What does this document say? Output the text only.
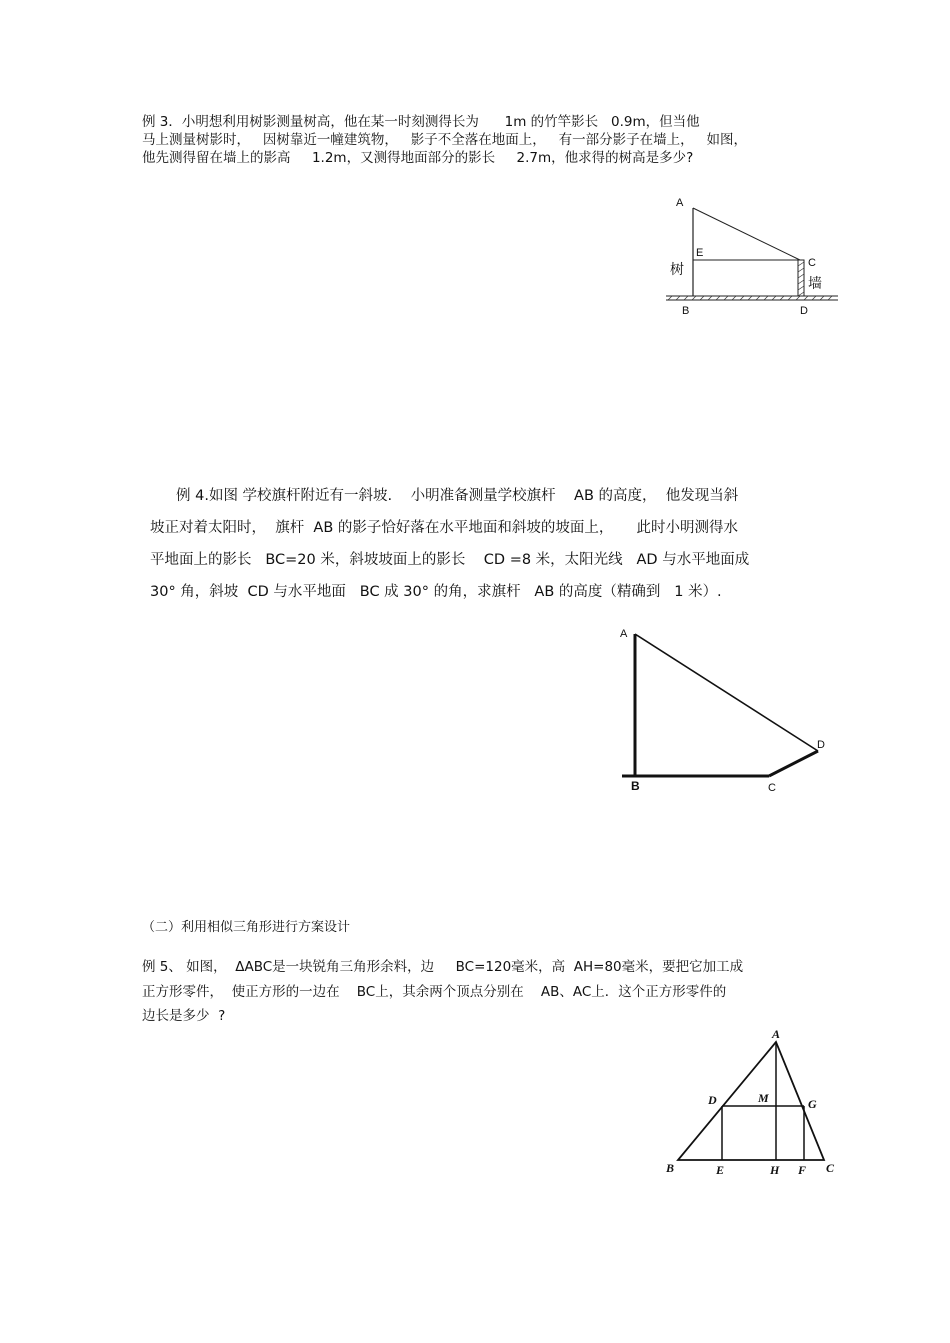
例 3．小明想利用树影测量树高，他在某一时刻测得长为      1m 的竹竿影长   0.9m，但当他
马上测量树影时，   因树靠近一幢建筑物，   影子不全落在地面上，   有一部分影子在墙上，   如图，
他先测得留在墙上的影高     1.2m，又测得地面部分的影长     2.7m，他求得的树高是多少?
A
E
C
B	D
树
墙
例 4.如图 学校旗杆附近有一斜坡.    小明准备测量学校旗杆    AB 的高度，  他发现当斜
坡正对着太阳时，  旗杆  AB 的影子恰好落在水平地面和斜坡的坡面上，     此时小明测得水
平地面上的影长   BC=20 米，斜坡坡面上的影长    CD =8 米，太阳光线   AD 与水平地面成
30° 角，斜坡  CD 与水平地面   BC 成 30° 的角，求旗杆   AB 的高度（精确到   1 米）.
A
B	C
D
（二）利用相似三角形进行方案设计
例 5、 如图，  ΔABC是一块锐角三角形余料，边     BC=120毫米，高  AH=80毫米，要把它加工成
正方形零件，  使正方形的一边在    BC上，其余两个顶点分别在    AB、AC上．这个正方形零件的
边长是多少  ?
A
D	M	G
B	E	H F C
